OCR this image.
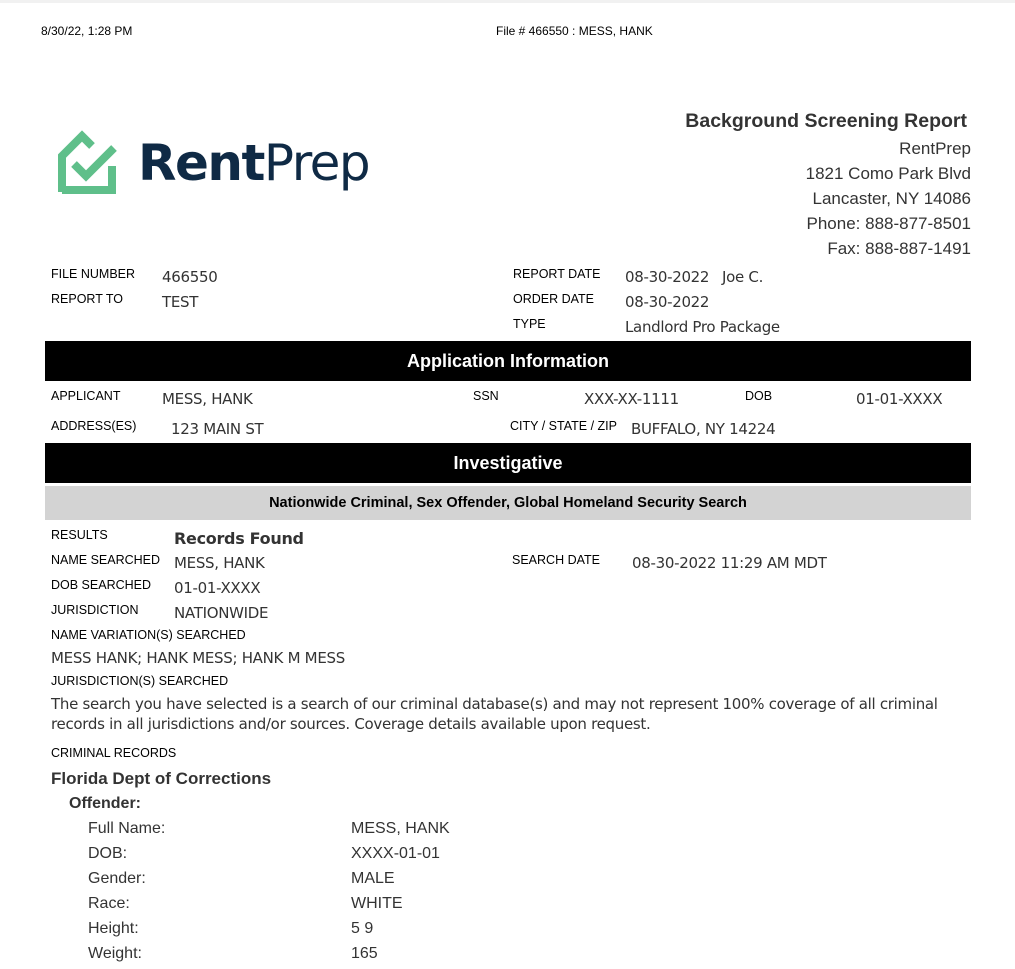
8/30/22, 1:28 PM	File # 466550 : MESS, HANK
RentPrep
Background Screening Report
RentPrep
1821 Como Park Blvd
Lancaster, NY 14086
Phone: 888-877-8501
Fax: 888-887-1491
FILE NUMBER 466550
REPORT TO	TEST
REPORT DATE 08-30-2022 Joe C.
ORDER DATE 08-30-2022
TYPE	Landlord Pro Package
Application Information
APPLICANT	MESS, HANK	SSN	XXX-XX-1111	DOB	01-01-XXXX
ADDRESS(ES) 123 MAIN ST	CITY / STATE / ZIP BUFFALO, NY 14224
Investigative
Nationwide Criminal, Sex Offender, Global Homeland Security Search
RESULTS	Records Found
NAME SEARCHED MESS, HANK	SEARCH DATE 08-30-2022 11:29 AM MDT
DOB SEARCHED 01-01-XXXX
JURISDICTION NATIONWIDE
NAME VARIATION(S) SEARCHED
MESS HANK; HANK MESS; HANK M MESS
JURISDICTION(S) SEARCHED
The search you have selected is a search of our criminal database(s) and may not represent 100% coverage of all criminal
records in all jurisdictions and/or sources. Coverage details available upon request.
CRIMINAL RECORDS
Florida Dept of Corrections
Offender:
Full Name:	MESS, HANK
DOB:	XXXX-01-01
Gender:	MALE
Race:	WHITE
Height:	5 9
Weight:	165
